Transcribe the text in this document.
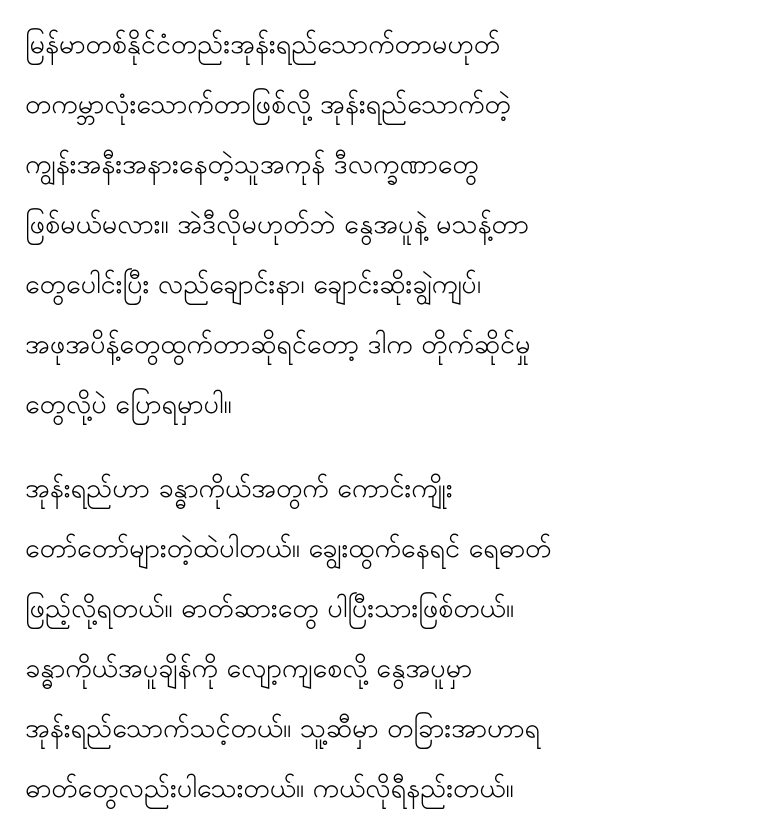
မြန်မာတစ်နိုင်ငံတည်းအုန်းရည်သောက်တာမဟုတ်
တကမ္ဘာလုံးသောက်တာဖြစ်လို့ အုန်းရည်သောက်တဲ့
ကျွန်းအနီးအနားနေတဲ့သူအကုန် ဒီလက္ခဏာတွေ
ဖြစ်မယ်မလား။ အဲဒီလိုမဟုတ်ဘဲ နွေအပူနဲ့ မသန့်တာ
တွေပေါင်းပြီး လည်ချောင်းနာ၊ ချောင်းဆိုးချွဲကျပ်၊
အဖုအပိန့်တွေထွက်တာဆိုရင်တော့ ဒါက တိုက်ဆိုင်မှု
တွေလို့ပဲ ပြောရမှာပါ။
အုန်းရည်ဟာ ခန္ဓာကိုယ်အတွက် ကောင်းကျိုး
တော်တော်များတဲ့ထဲပါတယ်။ ချွေးထွက်နေရင် ရေဓာတ်
ဖြည့်လို့ရတယ်။ ဓာတ်ဆားတွေ ပါပြီးသားဖြစ်တယ်။
ခန္ဓာကိုယ်အပူချိန်ကို လျော့ကျစေလို့ နွေအပူမှာ
အုန်းရည်သောက်သင့်တယ်။ သူ့ဆီမှာ တခြားအာဟာရ
ဓာတ်တွေလည်းပါသေးတယ်။ ကယ်လိုရီနည်းတယ်။
